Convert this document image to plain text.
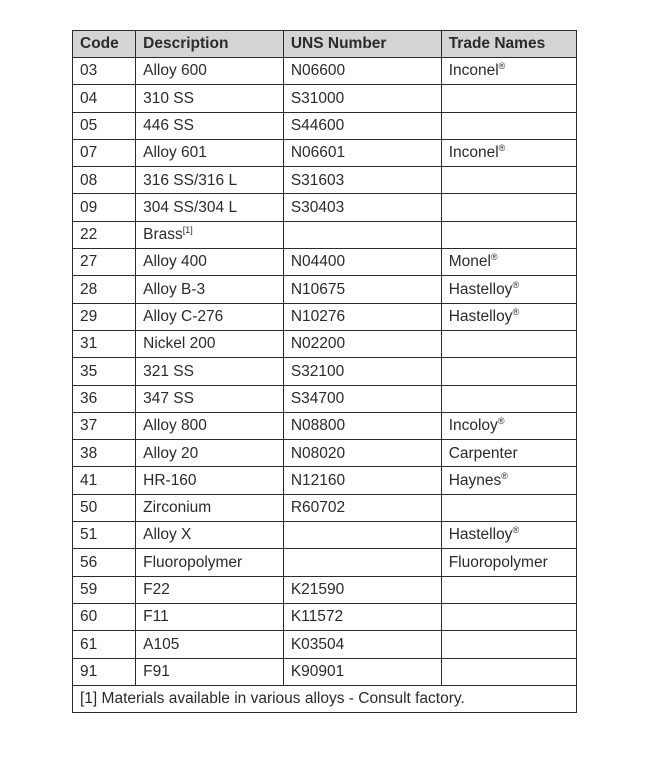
Code	Description	UNS Number	Trade Names
03	Alloy 600	N06600	Inconel®
04	310 SS	S31000	
05	446 SS	S44600	
07	Alloy 601	N06601	Inconel®
08	316 SS/316 L	S31603	
09	304 SS/304 L	S30403	
22	Brass[1]		
27	Alloy 400	N04400	Monel®
28	Alloy B-3	N10675	Hastelloy®
29	Alloy C-276	N10276	Hastelloy®
31	Nickel 200	N02200	
35	321 SS	S32100	
36	347 SS	S34700	
37	Alloy 800	N08800	Incoloy®
38	Alloy 20	N08020	Carpenter
41	HR-160	N12160	Haynes®
50	Zirconium	R60702	
51	Alloy X		Hastelloy®
56	Fluoropolymer		Fluoropolymer
59	F22	K21590	
60	F11	K11572	
61	A105	K03504	
91	F91	K90901	
[1] Materials available in various alloys - Consult factory.			
